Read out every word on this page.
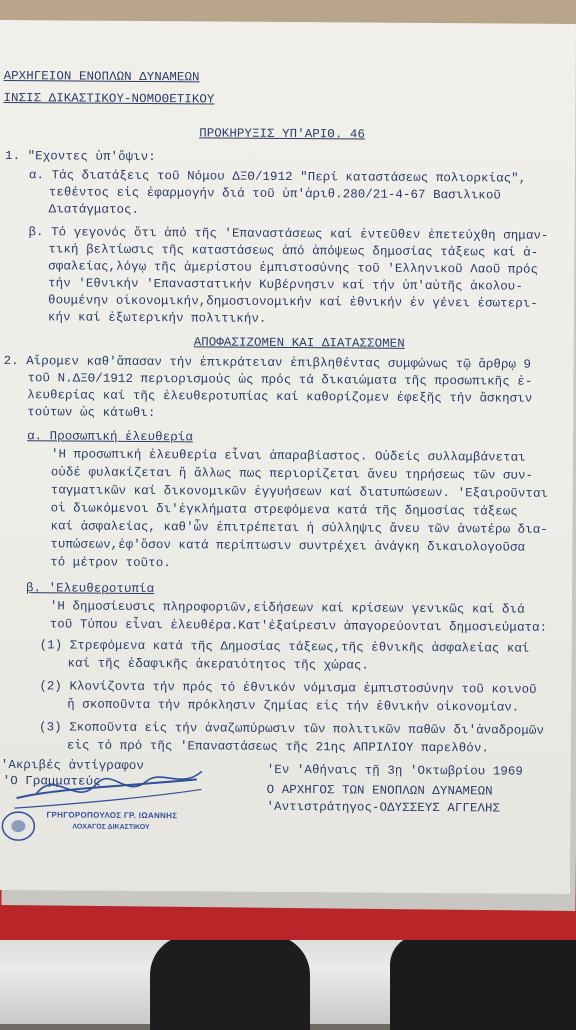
ΑΡΧΗΓΕΙΟΝ ΕΝΟΠΛΩΝ ΔΥΝΑΜΕΩΝ
ΙΝΣΙΣ ΔΙΚΑΣΤΙΚΟΥ-ΝΟΜΟΘΕΤΙΚΟΥ
ΠΡΟΚΗΡΥΞΙΣ ΥΠ'ΑΡΙΘ. 46
1. "Εχοντες ὑπ'ὄψιν:
α. Τάς διατάξεις τοῦ Νόμου ΔΞΘ/1912 "Περί καταστάσεως πολιορκίας",
τεθέντος εἰς ἐφαρμογήν διά τοῦ ὑπ'ἀριθ.280/21-4-67 Βασιλικοῦ
Διατάγματος.
β. Τό γεγονός ὅτι ἀπό τῆς 'Επαναστάσεως καί ἐντεῦθεν ἐπετεύχθη σημαν-
τική βελτίωσις τῆς καταστάσεως ἀπό ἀπόψεως δημοσίας τάξεως καί ἀ-
σφαλείας,λόγῳ τῆς ἀμερίστου ἐμπιστοσύνης τοῦ 'Ελληνικοῦ Λαοῦ πρός
τήν 'Εθνικήν 'Επαναστατικήν Κυβέρνησιν καί τήν ὑπ'αὐτῆς ἀκολου-
θουμένην οἰκονομικήν,δημοσιονομικήν καί ἐθνικήν ἐν γένει ἐσωτερι-
κήν καί ἐξωτερικήν πολιτικήν.
ΑΠΟΦΑΣΙΖΟΜΕΝ ΚΑΙ ΔΙΑΤΑΣΣΟΜΕΝ
2. Αἴρομεν καθ'ἅπασαν τήν ἐπικράτειαν ἐπιβληθέντας συμφώνως τῷ ἄρθρῳ 9
τοῦ Ν.ΔΞΘ/1912 περιορισμούς ὡς πρός τά δικαιώματα τῆς προσωπικῆς ἐ-
λευθερίας καί τῆς ἐλευθεροτυπίας καί καθορίζομεν ἐφεξῆς τήν ἄσκησιν
τούτων ὡς κάτωθι:
α. Προσωπική ἐλευθερία
'Η προσωπική ἐλευθερία εἶναι ἀπαραβίαστος. Οὐδείς συλλαμβάνεται
οὐδέ φυλακίζεται ἤ ἄλλως πως περιορίζεται ἄνευ τηρήσεως τῶν συν-
ταγματικῶν καί δικονομικῶν ἐγγυήσεων καί διατυπώσεων. 'Εξαιροῦνται
οἱ διωκόμενοι δι'ἐγκλήματα στρεφόμενα κατά τῆς δημοσίας τάξεως
καί ἀσφαλείας, καθ'ὧν ἐπιτρέπεται ἡ σύλληψις ἄνευ τῶν ἀνωτέρω δια-
τυπώσεων,ἐφ'ὅσον κατά περίπτωσιν συντρέχει ἀνάγκη δικαιολογοῦσα
τό μέτρον τοῦτο.
β. 'Ελευθεροτυπία
'Η δημοσίευσις πληροφοριῶν,εἰδήσεων καί κρίσεων γενικῶς καί διά
τοῦ Τύπου εἶναι ἐλευθέρα.Κατ'ἐξαίρεσιν ἀπαγορεύονται δημοσιεύματα:
(1) Στρεφόμενα κατά τῆς Δημοσίας τάξεως,τῆς ἐθνικῆς ἀσφαλείας καί
καί τῆς ἐδαφικῆς ἀκεραιότητος τῆς χώρας.
(2) Κλονίζοντα τήν πρός τό ἐθνικόν νόμισμα ἐμπιστοσύνην τοῦ κοινοῦ
ἤ σκοποῦντα τήν πρόκλησιν ζημίας εἰς τήν ἐθνικήν οἰκονομίαν.
(3) Σκοποῦντα εἰς τήν ἀναζωπύρωσιν τῶν πολιτικῶν παθῶν δι'ἀναδρομῶν
εἰς τό πρό τῆς 'Επαναστάσεως τῆς 21ης ΑΠΡΙΛΙΟΥ παρελθόν.
'Ακριβές ἀντίγραφον
'Ο Γραμματεύς
'Εν 'Αθήναις τῇ 3ῃ 'Οκτωβρίου 1969
Ο ΑΡΧΗΓΟΣ ΤΩΝ ΕΝΟΠΛΩΝ ΔΥΝΑΜΕΩΝ
'Αντιστράτηγος-ΟΔΥΣΣΕΥΣ ΑΓΓΕΛΗΣ
ΓΡΗΓΟΡΟΠΟΥΛΟΣ ΓΡ. ΙΩΑΝΝΗΣ
ΛΟΧΑΓΟΣ ΔΙΚΑΣΤΙΚΟΥ
